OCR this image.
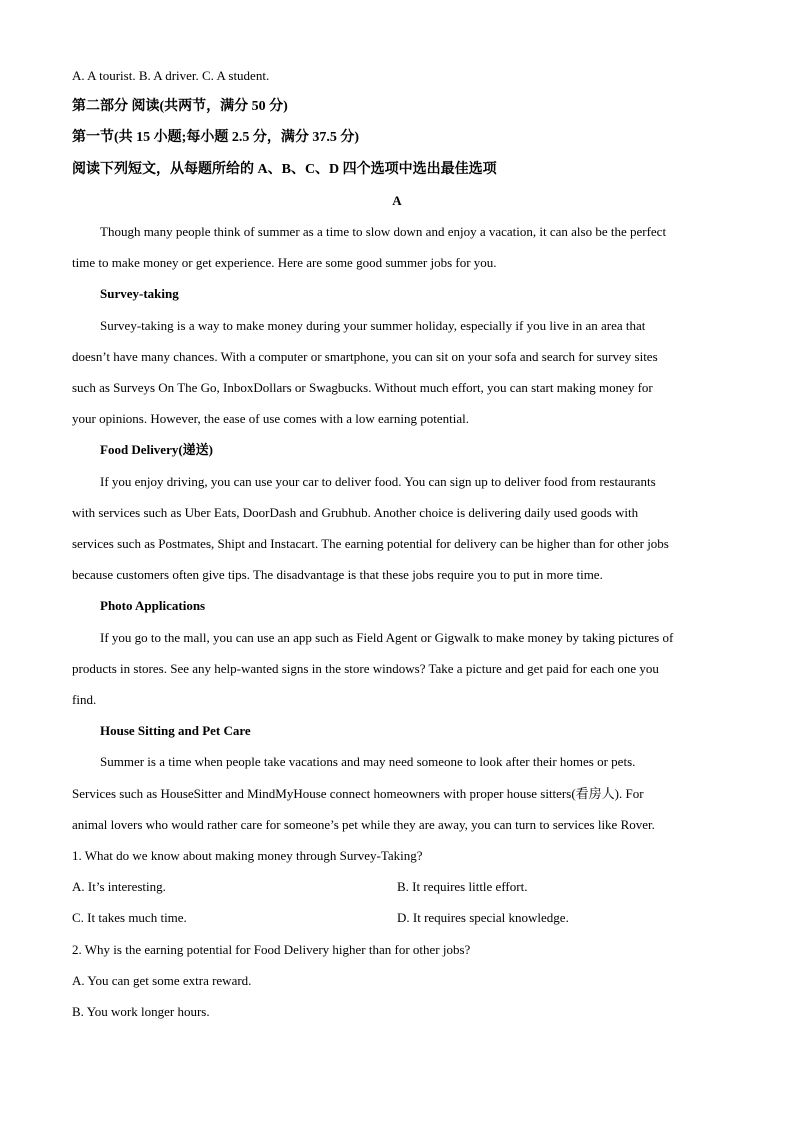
A. A tourist. B. A driver. C. A student.

第二部分 阅读(共两节，满分 50 分)

第一节(共 15 小题;每小题 2.5 分，满分 37.5 分)

阅读下列短文，从每题所给的 A、B、C、D 四个选项中选出最佳选项

A

Though many people think of summer as a time to slow down and enjoy a vacation, it can also be the perfect

time to make money or get experience. Here are some good summer jobs for you.

Survey-taking

Survey-taking is a way to make money during your summer holiday, especially if you live in an area that

doesn’t have many chances. With a computer or smartphone, you can sit on your sofa and search for survey sites

such as Surveys On The Go, InboxDollars or Swagbucks. Without much effort, you can start making money for

your opinions. However, the ease of use comes with a low earning potential.

Food Delivery(递送)

If you enjoy driving, you can use your car to deliver food. You can sign up to deliver food from restaurants

with services such as Uber Eats, DoorDash and Grubhub. Another choice is delivering daily used goods with

services such as Postmates, Shipt and Instacart. The earning potential for delivery can be higher than for other jobs

because customers often give tips. The disadvantage is that these jobs require you to put in more time.

Photo Applications

If you go to the mall, you can use an app such as Field Agent or Gigwalk to make money by taking pictures of

products in stores. See any help-wanted signs in the store windows? Take a picture and get paid for each one you

find.

House Sitting and Pet Care

Summer is a time when people take vacations and may need someone to look after their homes or pets.

Services such as HouseSitter and MindMyHouse connect homeowners with proper house sitters(看房人). For

animal lovers who would rather care for someone’s pet while they are away, you can turn to services like Rover.

1. What do we know about making money through Survey-Taking?

A. It’s interesting.	B. It requires little effort.
C. It takes much time.	D. It requires special knowledge.

2. Why is the earning potential for Food Delivery higher than for other jobs?

A. You can get some extra reward.

B. You work longer hours.
